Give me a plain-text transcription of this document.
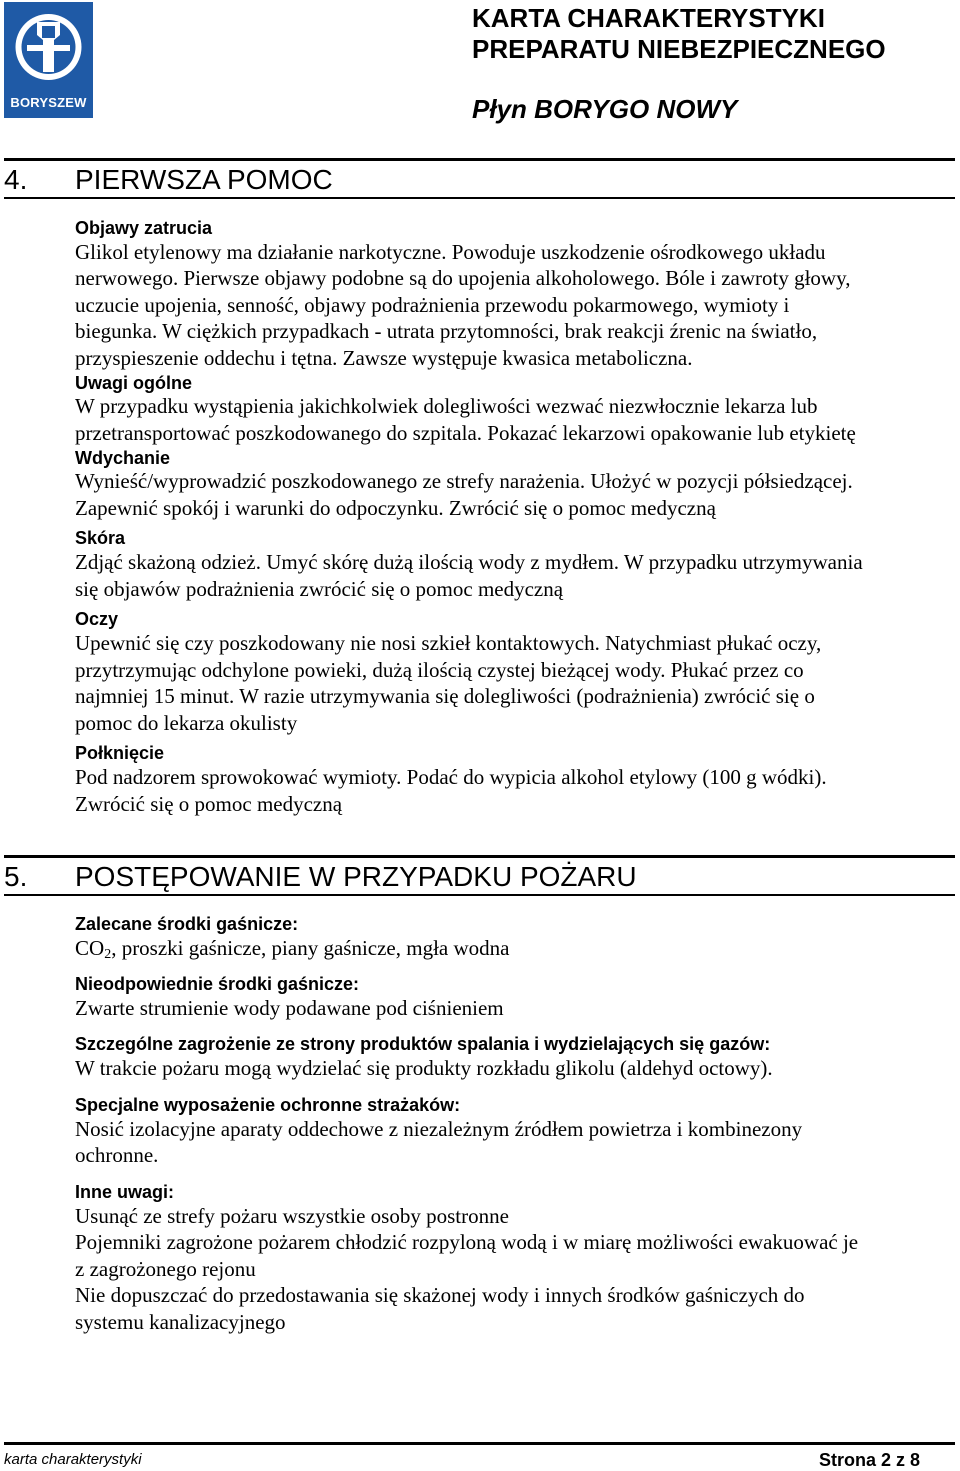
BORYSZEW
KARTA CHARAKTERYSTYKI
PREPARATU NIEBEZPIECZNEGO
Płyn BORYGO NOWY
4. PIERWSZA POMOC
Objawy zatrucia
Glikol etylenowy ma działanie narkotyczne. Powoduje uszkodzenie ośrodkowego układu
nerwowego. Pierwsze objawy podobne są do upojenia alkoholowego. Bóle i zawroty głowy,
uczucie upojenia, senność, objawy podrażnienia przewodu pokarmowego, wymioty i
biegunka. W ciężkich przypadkach - utrata przytomności, brak reakcji źrenic na światło,
przyspieszenie oddechu i tętna. Zawsze występuje kwasica metaboliczna.
Uwagi ogólne
W przypadku wystąpienia jakichkolwiek dolegliwości wezwać niezwłocznie lekarza lub
przetransportować poszkodowanego do szpitala. Pokazać lekarzowi opakowanie lub etykietę
Wdychanie
Wynieść/wyprowadzić poszkodowanego ze strefy narażenia. Ułożyć w pozycji półsiedzącej.
Zapewnić spokój i warunki do odpoczynku. Zwrócić się o pomoc medyczną
Skóra
Zdjąć skażoną odzież. Umyć skórę dużą ilością wody z mydłem. W przypadku utrzymywania
się objawów podrażnienia zwrócić się o pomoc medyczną
Oczy
Upewnić się czy poszkodowany nie nosi szkieł kontaktowych. Natychmiast płukać oczy,
przytrzymując odchylone powieki, dużą ilością czystej bieżącej wody. Płukać przez co
najmniej 15 minut. W razie utrzymywania się dolegliwości (podrażnienia) zwrócić się o
pomoc do lekarza okulisty
Połknięcie
Pod nadzorem sprowokować wymioty. Podać do wypicia alkohol etylowy (100 g wódki).
Zwrócić się o pomoc medyczną
5. POSTĘPOWANIE W PRZYPADKU POŻARU
Zalecane środki gaśnicze:
$CO_2$, proszki gaśnicze, piany gaśnicze, mgła wodna
Nieodpowiednie środki gaśnicze:
Zwarte strumienie wody podawane pod ciśnieniem
Szczególne zagrożenie ze strony produktów spalania i wydzielających się gazów:
W trakcie pożaru mogą wydzielać się produkty rozkładu glikolu (aldehyd octowy).
Specjalne wyposażenie ochronne strażaków:
Nosić izolacyjne aparaty oddechowe z niezależnym źródłem powietrza i kombinezony
ochronne.
Inne uwagi:
Usunąć ze strefy pożaru wszystkie osoby postronne
Pojemniki zagrożone pożarem chłodzić rozpyloną wodą i w miarę możliwości ewakuować je
z zagrożonego rejonu
Nie dopuszczać do przedostawania się skażonej wody i innych środków gaśniczych do
systemu kanalizacyjnego
karta charakterystyki	Strona 2 z 8
